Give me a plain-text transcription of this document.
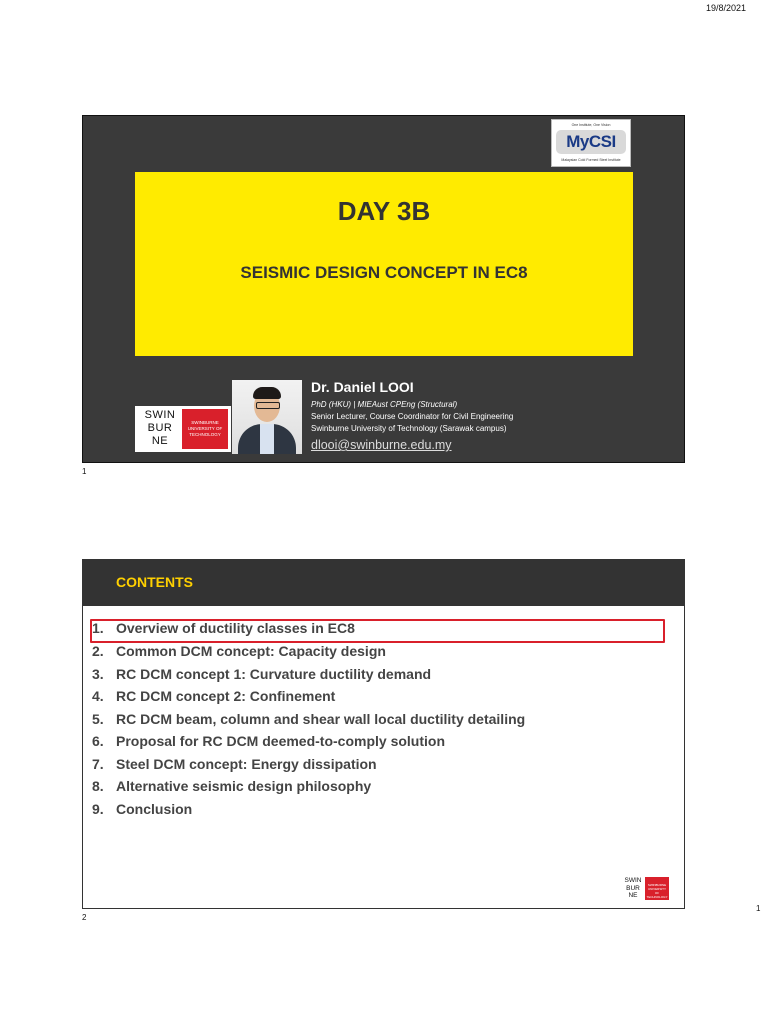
19/8/2021
One Institute, One Vision
MyCSI
Malaysian Cold Formed Steel Institute
DAY 3B
SEISMIC DESIGN CONCEPT IN EC8
SWIN
BUR
NE
SWINBURNE UNIVERSITY OF TECHNOLOGY
Dr. Daniel LOOI
PhD (HKU) | MIEAust CPEng (Structural)
Senior Lecturer, Course Coordinator for Civil Engineering
Swinburne University of Technology (Sarawak campus)
dlooi@swinburne.edu.my
1
CONTENTS
1. Overview of ductility classes in EC8
2. Common DCM concept: Capacity design
3. RC DCM concept 1: Curvature ductility demand
4. RC DCM concept 2: Confinement
5. RC DCM beam, column and shear wall local ductility detailing
6. Proposal for RC DCM deemed-to-comply solution
7. Steel DCM concept: Energy dissipation
8. Alternative seismic design philosophy
9. Conclusion
SWIN
BUR
NE
SWINBURNE UNIVERSITY OF TECHNOLOGY
2
1
